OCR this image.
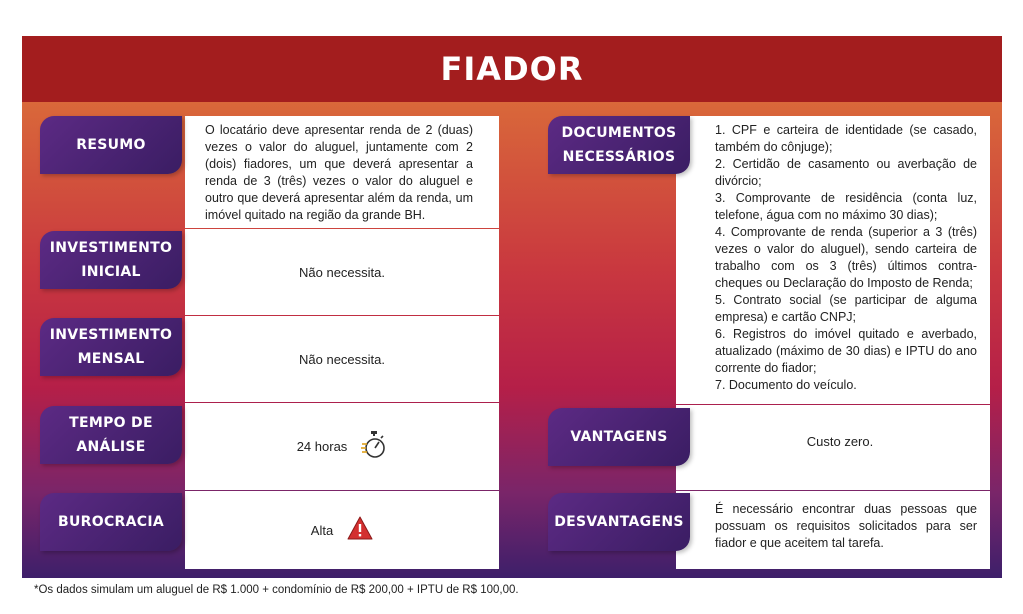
FIADOR
RESUMO
INVESTIMENTO
INICIAL
INVESTIMENTO
MENSAL
TEMPO DE
ANÁLISE
BUROCRACIA
DOCUMENTOS
NECESSÁRIOS
VANTAGENS
DESVANTAGENS
O locatário deve apresentar renda de 2 (duas) vezes o valor do aluguel, juntamente com 2 (dois) fiadores, um que deverá apresentar a renda de 3 (três) vezes o valor do aluguel e outro que deverá apresentar além da renda, um imóvel quitado na região da grande BH.
Não necessita.
Não necessita.
24 horas
Alta
1. CPF e carteira de identidade (se casado, também do cônjuge);
2. Certidão de casamento ou averbação de divórcio;
3. Comprovante de residência (conta luz, telefone, água com no máximo 30 dias);
4. Comprovante de renda (superior a 3 (três) vezes o valor do aluguel), sendo carteira de trabalho com os 3 (três) últimos contra-cheques ou Declaração do Imposto de Renda;
5. Contrato social (se participar de alguma empresa) e cartão CNPJ;
6. Registros do imóvel quitado e averbado, atualizado (máximo de 30 dias) e IPTU do ano corrente do fiador;
7. Documento do veículo.
Custo zero.
É necessário encontrar duas pessoas que possuam os requisitos solicitados para ser fiador e que aceitem tal tarefa.
*Os dados simulam um aluguel de R$ 1.000 + condomínio de R$ 200,00 + IPTU de R$ 100,00.
